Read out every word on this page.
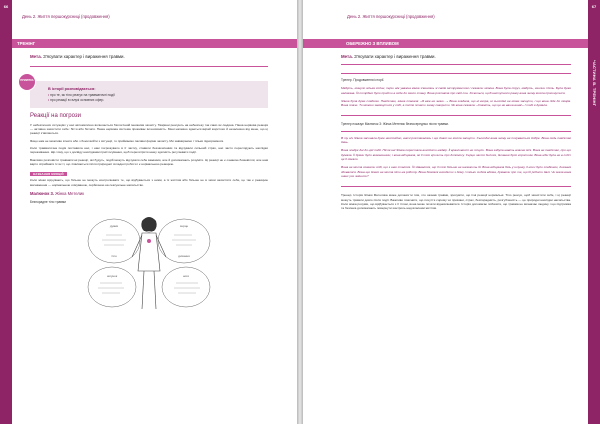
66
День 2. Життя першокурсниці (продовження)
ТРЕНІНГ
Мета. З'ясувати характер і вираження травми.
ПРИМІТКА
В історії розповідається:
• про те, як тіло реагує на травматичні події
• про реакції в галузі основних сфер.
Реакції на погрози

У небезпечних ситуаціях у нас автоматично включається біологічний механізм захисту. Тварини реагують на небезпеку так само як людина. Наша нервова реакція — активно захистити себе: бігти або битися. Наша нервова система проживає інтенсивність. Мені напевно здається вкрай жорстоко й незалежно від мене, що ці реакції з'являються.

Якщо нам не можливо втекти або з боєм вийти з ситуації, то приймаємо пасивні форми захисту. Ми завмираємо і тільки підкоряємося.

Коли травматична подія поставила нас, і нам погрожувало в її частку, ставили беззахисними та відчували сильний страх, нас часто переслідують наслідки переживання. Що тому, що з досвіду наслідками пристосування, щоб перехитрити нашу здатність регулювати події.

Важливо розповісти травматичні реакції, які будуть, подій можуть відчувати себе важкими, але й допомагають розуміти. Ці реакції не є ознакою божевілля; але нам варто сприймати їх як ті, що з'являються після природної складної роботи і є нормальною реакцією.

НАЗВАННЯ ЕМОЦІЙ

Коли жінки відчувають, що більше не можуть контролювати те, що відбувається з ними, а їх життям або більше не в змозі захистити себе, це так є реакцією виснаження — нормальною очікуваною, серйозною на сексуальне насильство.

Малюнок 3. Жінка Метелик
Безпорадне тіло травми
думки	серце
тіло	дихання
шлунок	ноги
67
ЧАСТИНА В. ТРЕНІНГ
День 2. Життя першокурсниці (продовження)
ОБЕРЕЖНО З ВПЛИВОМ
Мета. З'ясувати характер і вираження травми.
Тренер. Продовження історії.

Мабуть, минуло кілька годин, перш ніж уважна жінка з'явилась зі своїм інструментом і сказала: можна. Вона була поруч, мабуть, хвилин п'ять. Була дуже налякана. Їй потрібно було прийти в себе до свого стану. Вона розповіла про свій сон. Хочеться, щоб наступного ранку вона знову могла прокинутися.

Жінка була дуже слабкою. Пам'ятаю, жінка плакала: «Я вже не знаю…» Вона згадала, що ні вчора, ні сьогодні не може заснути, і що вона піде до лікаря. Вона плаче. Ти можеш замкнутися у собі, а потім почати знову говорити. Як вона сказала: «Скажіть, що це не ваша вина!» І тоді я думала.

Тренер показує Малюнок 3: Жінка Метелик безпосередньо після травми.

В ту ніч Жінка засинала дуже неспокійно, вночі розплакалась і ще довго не могла заснути. Сьогодні вона знову не почувається добре. Вона ледь пам'ятає день.

Вона згадує дні до цієї події. Після неї Жінка перестала виходити надвір. Її вразливості не почули. Вона забула навіть власне ім'я. Вона не пам'ятає, про що думала. Її думки були вимкненими, і вона відчувала, як її тіло кричить про допомогу. Серце часто билося, дихання було коротким. Вона ніби була не в собі і це її лякало.

Вона не могла сказати собі, що з нею сталося. Їй здавалося, що її тіло більше не належить їй. Вона відчувала біль у шлунку, її ноги були слабкими, дихання збивалося. Вона ще довго не могла піти на роботу. Вона боялася виходити з дому і тільки сиділа вдома, думаючи про те, що їй робити далі. Чи мала вона шанс усе змінити?

Тренер. Історія Жінки Метелика може допомогти тим, хто зазнав травми, зрозуміти, що їхні реакції нормальні. Тіло реагує, щоб захистити себе, і ці реакції можуть тривати довго після події. Важливо пояснити, що почуття сорому чи провини, страх, безпорадність, розгубленість — це природні наслідки насильства. Коли жінка розуміє, що відбувається з її тілом, вона може почати відновлюватися. Історія допомагає побачити, що травма не визначає людину і що підтримка та безпека допомагають повернути контроль над власним життям.
